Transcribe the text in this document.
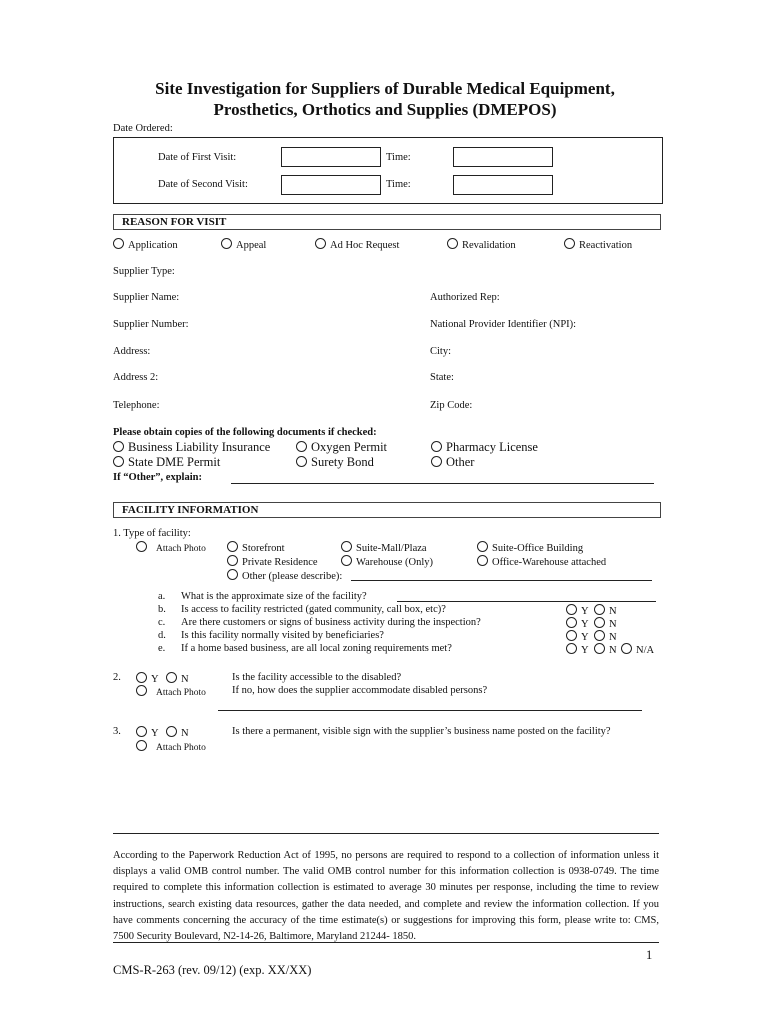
Site Investigation for Suppliers of Durable Medical Equipment,
Prosthetics, Orthotics and Supplies (DMEPOS)
Date Ordered:
Date of First Visit:	Time:
Date of Second Visit:	Time:
REASON FOR VISIT
Application	Appeal	Ad Hoc Request	Revalidation	Reactivation
Supplier Type:
Supplier Name:	Authorized Rep:
Supplier Number:	National Provider Identifier (NPI):
Address:	City:
Address 2:	State:
Telephone:	Zip Code:
Please obtain copies of the following documents if checked:
Business Liability Insurance	Oxygen Permit	Pharmacy License
State DME Permit	Surety Bond	Other
If “Other”, explain:
FACILITY INFORMATION
1. Type of facility:
Attach Photo	Storefront	Suite-Mall/Plaza	Suite-Office Building
Private Residence	Warehouse (Only)	Office-Warehouse attached
Other (please describe):
a. What is the approximate size of the facility?
b. Is access to facility restricted (gated community, call box, etc)?	Y	N
c. Are there customers or signs of business activity during the inspection?	Y	N
d. Is this facility normally visited by beneficiaries?	Y	N
e. If a home based business, are all local zoning requirements met?	Y	N	N/A
2.	Y	N	Is the facility accessible to the disabled?
Attach Photo If no, how does the supplier accommodate disabled persons?
3.	Y	N	Is there a permanent, visible sign with the supplier’s business name posted on the facility?
Attach Photo
According to the Paperwork Reduction Act of 1995, no persons are required to respond to a collection of information unless it displays a valid OMB control number. The valid OMB control number for this information collection is 0938-0749. The time required to complete this information collection is estimated to average 30 minutes per response, including the time to review instructions, search existing data resources, gather the data needed, and complete and review the information collection. If you have comments concerning the accuracy of the time estimate(s) or suggestions for improving this form, please write to: CMS, 7500 Security Boulevard, N2-14-26, Baltimore, Maryland 21244- 1850.
1
CMS-R-263 (rev. 09/12) (exp. XX/XX)
